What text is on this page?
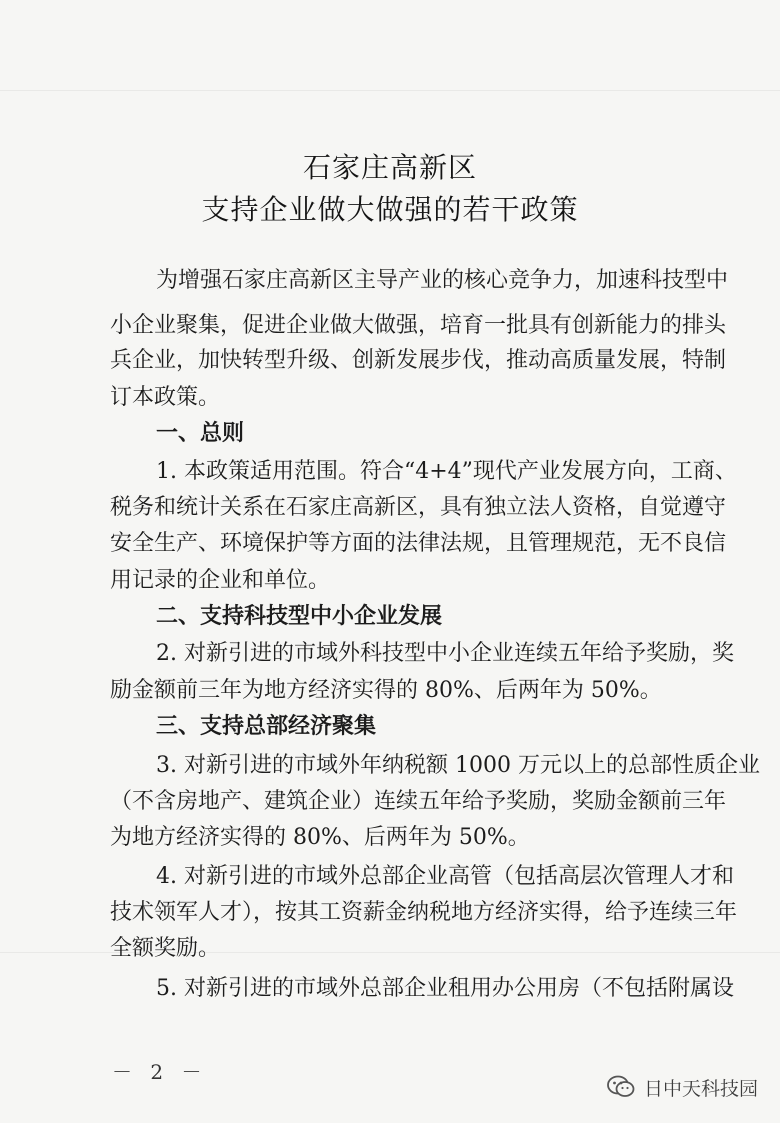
石家庄高新区
支持企业做大做强的若干政策
为增强石家庄高新区主导产业的核心竞争力，加速科技型中
小企业聚集，促进企业做大做强，培育一批具有创新能力的排头
兵企业，加快转型升级、创新发展步伐，推动高质量发展，特制
订本政策。
一、总则
1. 本政策适用范围。符合“4+4”现代产业发展方向，工商、
税务和统计关系在石家庄高新区，具有独立法人资格，自觉遵守
安全生产、环境保护等方面的法律法规，且管理规范，无不良信
用记录的企业和单位。
二、支持科技型中小企业发展
2. 对新引进的市域外科技型中小企业连续五年给予奖励，奖
励金额前三年为地方经济实得的 80%、后两年为 50%。
三、支持总部经济聚集
3. 对新引进的市域外年纳税额 1000 万元以上的总部性质企业
（不含房地产、建筑企业）连续五年给予奖励，奖励金额前三年
为地方经济实得的 80%、后两年为 50%。
4. 对新引进的市域外总部企业高管（包括高层次管理人才和
技术领军人才），按其工资薪金纳税地方经济实得，给予连续三年
全额奖励。
5. 对新引进的市域外总部企业租用办公用房（不包括附属设
－ 2 －
日中天科技园
